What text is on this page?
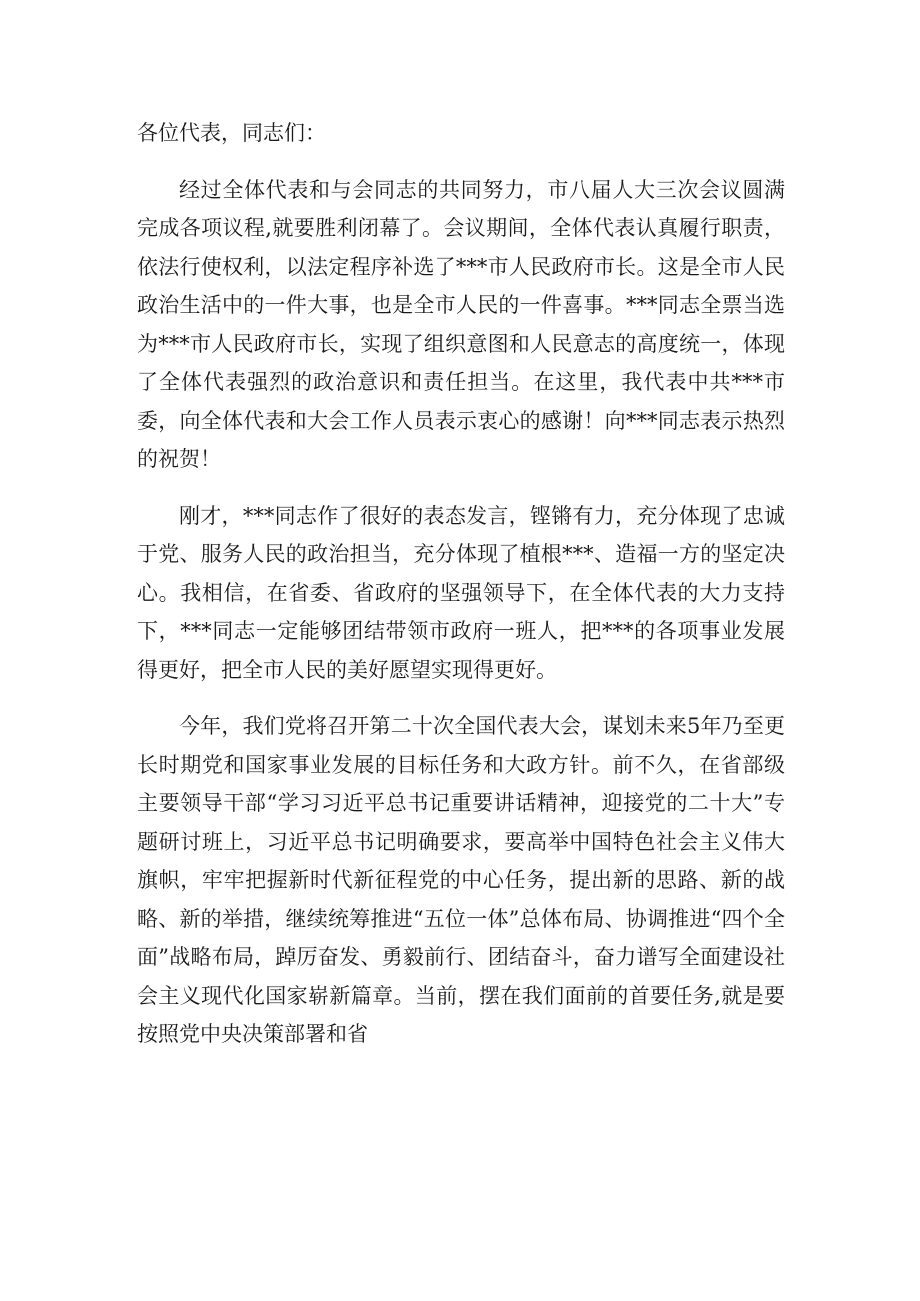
各位代表，同志们：

经过全体代表和与会同志的共同努力，市八届人大三次会议圆满完成各项议程,就要胜利闭幕了。会议期间，全体代表认真履行职责，依法行使权利，以法定程序补选了***市人民政府市长。这是全市人民政治生活中的一件大事，也是全市人民的一件喜事。***同志全票当选为***市人民政府市长，实现了组织意图和人民意志的高度统一，体现了全体代表强烈的政治意识和责任担当。在这里，我代表中共***市委，向全体代表和大会工作人员表示衷心的感谢！向***同志表示热烈的祝贺！

刚才，***同志作了很好的表态发言，铿锵有力，充分体现了忠诚于党、服务人民的政治担当，充分体现了植根***、造福一方的坚定决心。我相信，在省委、省政府的坚强领导下，在全体代表的大力支持下，***同志一定能够团结带领市政府一班人，把***的各项事业发展得更好，把全市人民的美好愿望实现得更好。

今年，我们党将召开第二十次全国代表大会，谋划未来5年乃至更长时期党和国家事业发展的目标任务和大政方针。前不久，在省部级主要领导干部“学习习近平总书记重要讲话精神，迎接党的二十大”专题研讨班上，习近平总书记明确要求，要高举中国特色社会主义伟大旗帜，牢牢把握新时代新征程党的中心任务，提出新的思路、新的战略、新的举措，继续统筹推进“五位一体”总体布局、协调推进“四个全面”战略布局，踔厉奋发、勇毅前行、团结奋斗，奋力谱写全面建设社会主义现代化国家崭新篇章。当前，摆在我们面前的首要任务,就是要按照党中央决策部署和省
